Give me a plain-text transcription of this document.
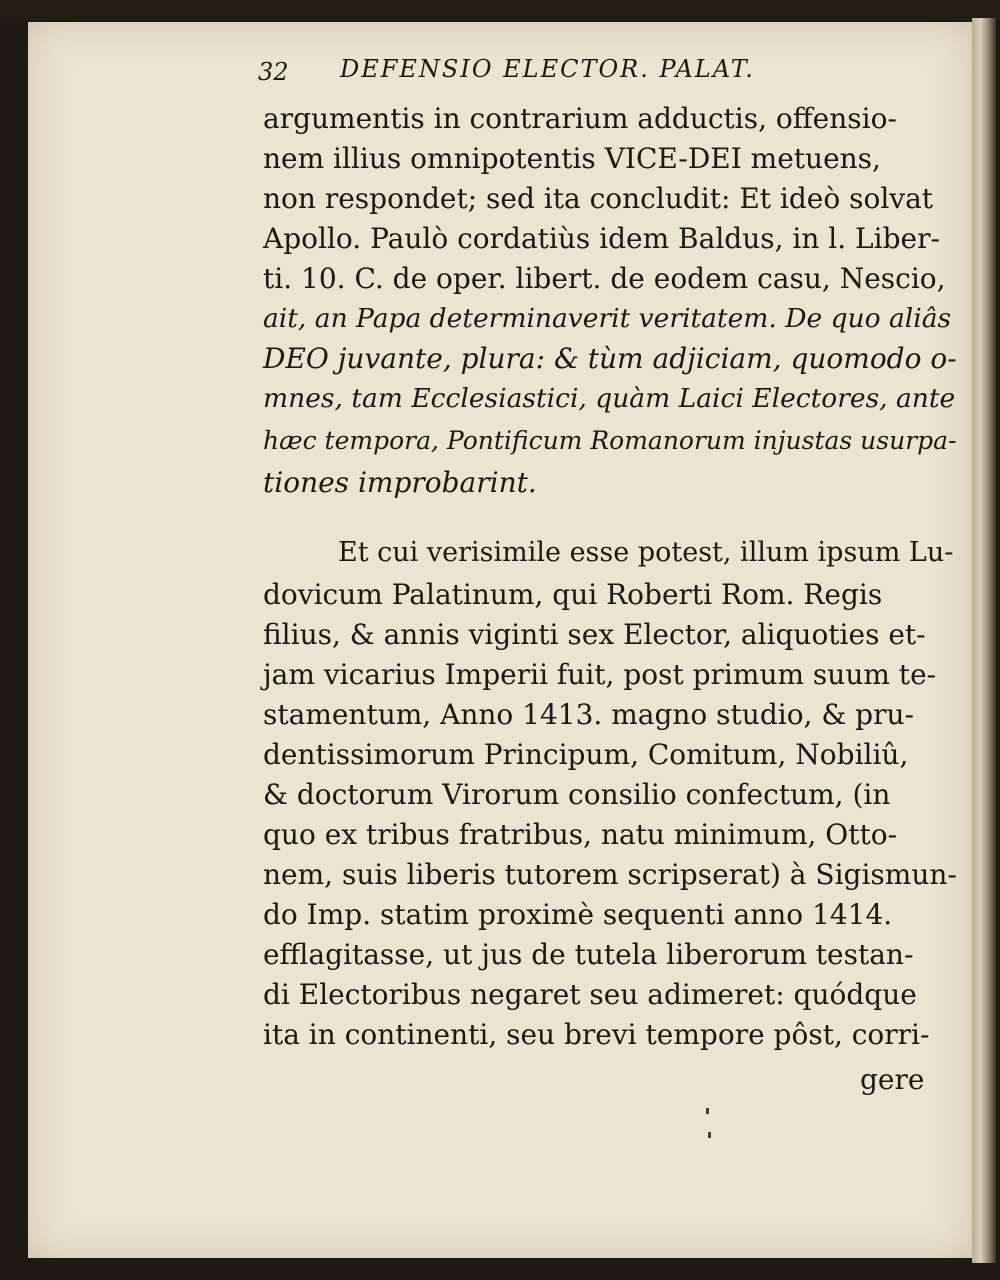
32 DEFENSIO ELECTOR. PALAT.

argumentis in contrarium adductis, offensio-

nem illius omnipotentis VICE-DEI metuens,

non respondet; sed ita concludit: Et ideò solvat

Apollo. Paulò cordatiùs idem Baldus, in l. Liber-

ti. 10. C. de oper. libert. de eodem casu, Nescio,

ait, an Papa determinaverit veritatem. De quo aliâs

DEO juvante, plura: & tùm adjiciam, quomodo o-

mnes, tam Ecclesiastici, quàm Laici Electores, ante

hæc tempora, Pontificum Romanorum injustas usurpa-

tiones improbarint.

Et cui verisimile esse potest, illum ipsum Lu-

dovicum Palatinum, qui Roberti Rom. Regis

filius, & annis viginti sex Elector, aliquoties et-

jam vicarius Imperii fuit, post primum suum te-

stamentum, Anno 1413. magno studio, & pru-

dentissimorum Principum, Comitum, Nobiliû,

& doctorum Virorum consilio confectum, (in

quo ex tribus fratribus, natu minimum, Otto-

nem, suis liberis tutorem scripserat) à Sigismun-

do Imp. statim proximè sequenti anno 1414.

efflagitasse, ut jus de tutela liberorum testan-

di Electoribus negaret seu adimeret: quódque

ita in continenti, seu brevi tempore pôst, corri-

gere
